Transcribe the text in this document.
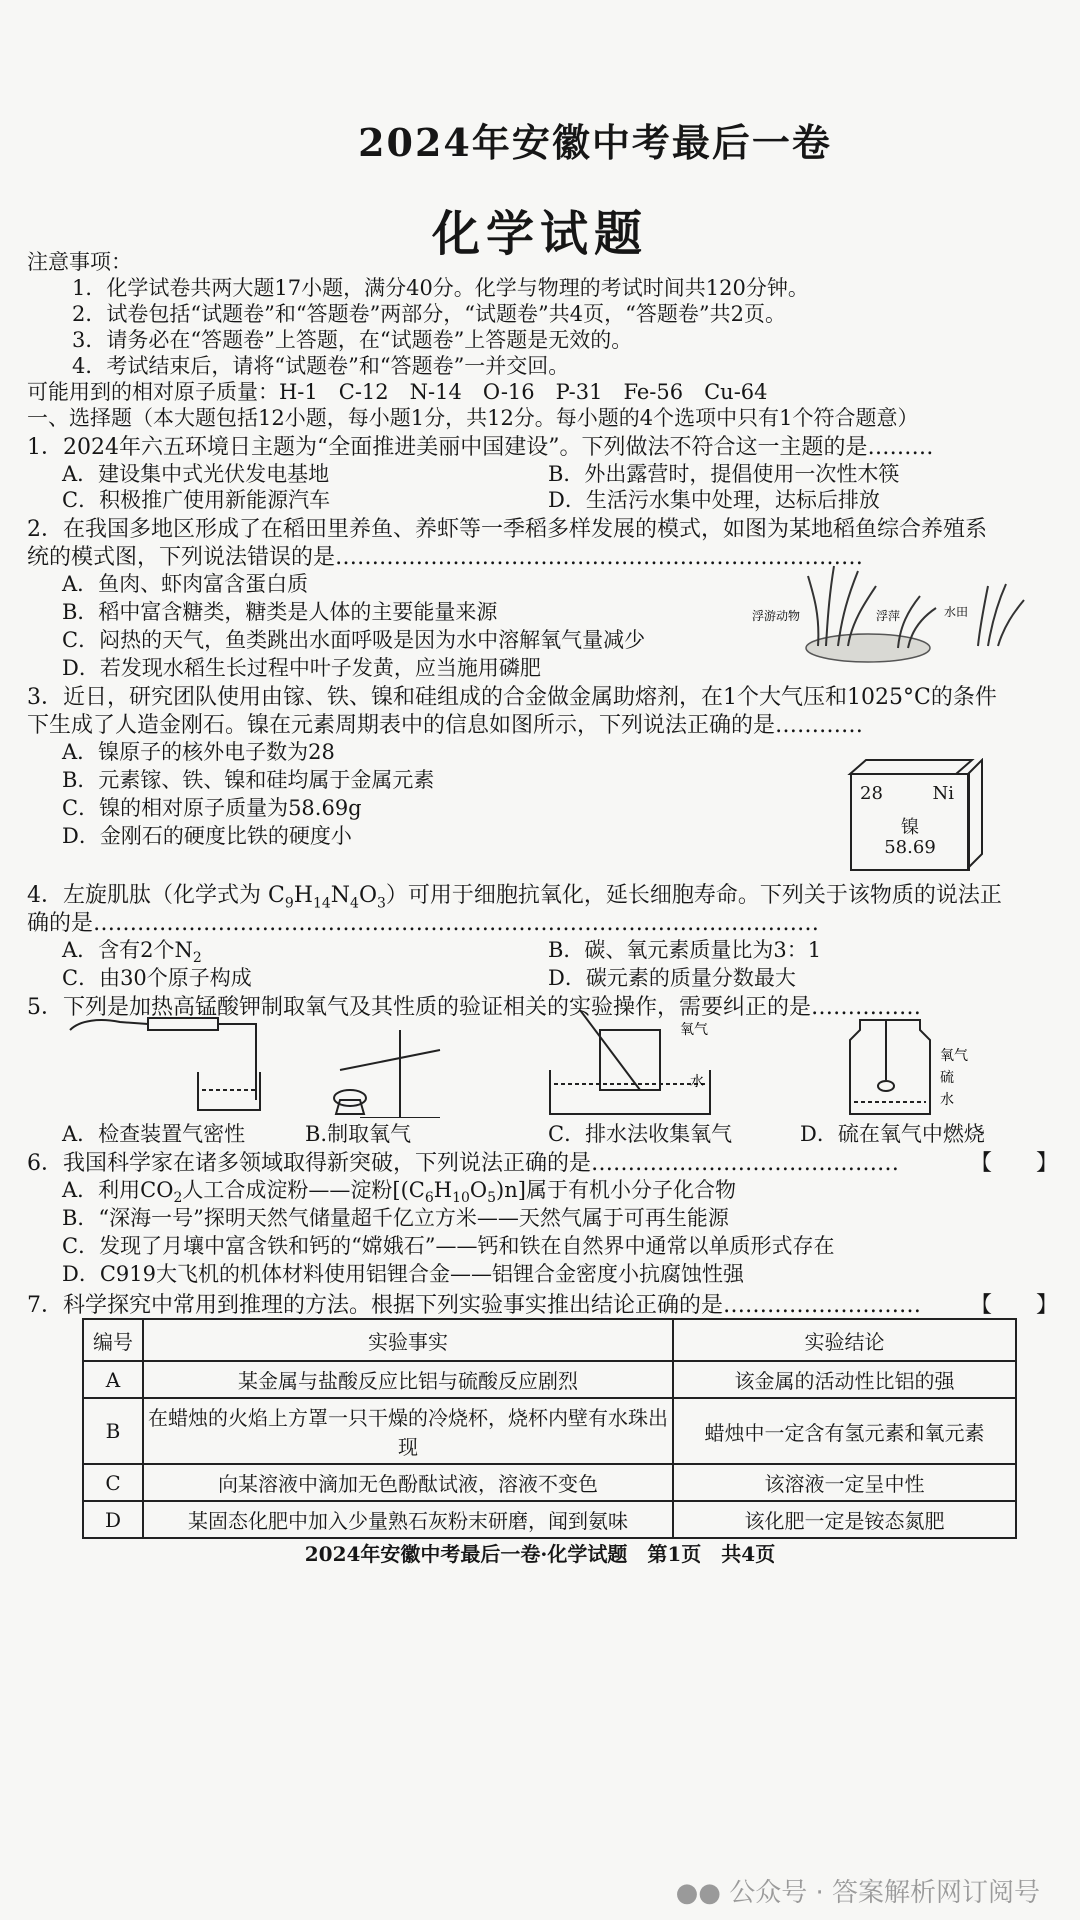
2024年安徽中考最后一卷
化学试题
注意事项：
1．化学试卷共两大题17小题，满分40分。化学与物理的考试时间共120分钟。
2．试卷包括“试题卷”和“答题卷”两部分，“试题卷”共4页，“答题卷”共2页。
3．请务必在“答题卷”上答题，在“试题卷”上答题是无效的。
4．考试结束后，请将“试题卷”和“答题卷”一并交回。
可能用到的相对原子质量：H-1　C-12　N-14　O-16　P-31　Fe-56　Cu-64
一、选择题（本大题包括12小题，每小题1分，共12分。每小题的4个选项中只有1个符合题意）
1．2024年六五环境日主题为“全面推进美丽中国建设”。下列做法不符合这一主题的是………
A．建设集中式光伏发电基地	B．外出露营时，提倡使用一次性木筷
C．积极推广使用新能源汽车	D．生活污水集中处理，达标后排放
2．在我国多地区形成了在稻田里养鱼、养虾等一季稻多样发展的模式，如图为某地稻鱼综合养殖系
统的模式图，下列说法错误的是………………………………………………………………
A．鱼肉、虾肉富含蛋白质
B．稻中富含糖类，糖类是人体的主要能量来源
C．闷热的天气，鱼类跳出水面呼吸是因为水中溶解氧气量减少
D．若发现水稻生长过程中叶子发黄，应当施用磷肥
浮游动物	浮萍	水田
3．近日，研究团队使用由镓、铁、镍和硅组成的合金做金属助熔剂，在1个大气压和1025°C的条件
下生成了人造金刚石。镍在元素周期表中的信息如图所示，下列说法正确的是…………
A．镍原子的核外电子数为28
B．元素镓、铁、镍和硅均属于金属元素
C．镍的相对原子质量为58.69g
D．金刚石的硬度比铁的硬度小
28	Ni
镍
58.69
4．左旋肌肽（化学式为 $C_9H_{14}N_4O_3$）可用于细胞抗氧化，延长细胞寿命。下列关于该物质的说法正
确的是………………………………………………………………………………………
A．含有2个$N_2$	B．碳、氧元素质量比为3：1
C．由30个原子构成	D．碳元素的质量分数最大
5．下列是加热高锰酸钾制取氧气及其性质的验证相关的实验操作，需要纠正的是……………
氧气
水
氧气
硫
水
A．检查装置气密性	B.制取氧气	C．排水法收集氧气	D．硫在氧气中燃烧
6．我国科学家在诸多领域取得新突破，下列说法正确的是……………………………………	【　　】
A．利用$CO_2$人工合成淀粉——淀粉$[(C_6H_{10}O_5)n]$属于有机小分子化合物
B．“深海一号”探明天然气储量超千亿立方米——天然气属于可再生能源
C．发现了月壤中富含铁和钙的“嫦娥石”——钙和铁在自然界中通常以单质形式存在
D．C919大飞机的机体材料使用铝锂合金——铝锂合金密度小抗腐蚀性强
编号	实验事实	实验结论
A	某金属与盐酸反应比铝与硫酸反应剧烈	该金属的活动性比铝的强
B	在蜡烛的火焰上方罩一只干燥的冷烧杯，烧杯内壁有水珠出现	蜡烛中一定含有氢元素和氧元素
C	向某溶液中滴加无色酚酞试液，溶液不变色	该溶液一定呈中性
D	某固态化肥中加入少量熟石灰粉末研磨，闻到氨味	该化肥一定是铵态氮肥
7．科学探究中常用到推理的方法。根据下列实验事实推出结论正确的是……………………… 【　　】
2024年安徽中考最后一卷·化学试题　第1页　共4页
●● 公众号 · 答案解析网订阅号
